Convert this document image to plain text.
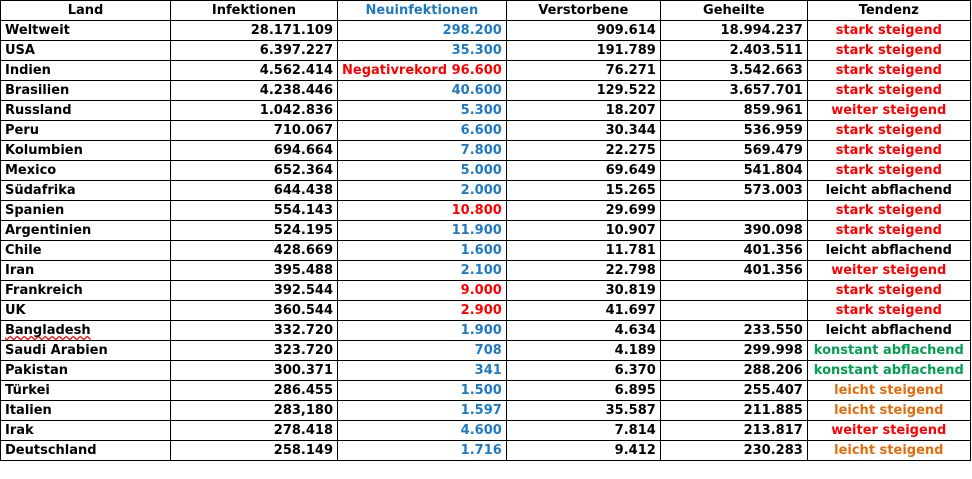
Land	Infektionen	Neuinfektionen	Verstorbene	Geheilte	Tendenz
Weltweit	28.171.109	298.200	909.614	18.994.237	stark steigend
USA	6.397.227	35.300	191.789	2.403.511	stark steigend
Indien	4.562.414	Negativrekord 96.600	76.271	3.542.663	stark steigend
Brasilien	4.238.446	40.600	129.522	3.657.701	stark steigend
Russland	1.042.836	5.300	18.207	859.961	weiter steigend
Peru	710.067	6.600	30.344	536.959	stark steigend
Kolumbien	694.664	7.800	22.275	569.479	stark steigend
Mexico	652.364	5.000	69.649	541.804	stark steigend
Südafrika	644.438	2.000	15.265	573.003	leicht abflachend
Spanien	554.143	10.800	29.699		stark steigend
Argentinien	524.195	11.900	10.907	390.098	stark steigend
Chile	428.669	1.600	11.781	401.356	leicht abflachend
Iran	395.488	2.100	22.798	401.356	weiter steigend
Frankreich	392.544	9.000	30.819		stark steigend
UK	360.544	2.900	41.697		stark steigend
Bangladesh	332.720	1.900	4.634	233.550	leicht abflachend
Saudi Arabien	323.720	708	4.189	299.998	konstant abflachend
Pakistan	300.371	341	6.370	288.206	konstant abflachend
Türkei	286.455	1.500	6.895	255.407	leicht steigend
Italien	283,180	1.597	35.587	211.885	leicht steigend
Irak	278.418	4.600	7.814	213.817	weiter steigend
Deutschland	258.149	1.716	9.412	230.283	leicht steigend
